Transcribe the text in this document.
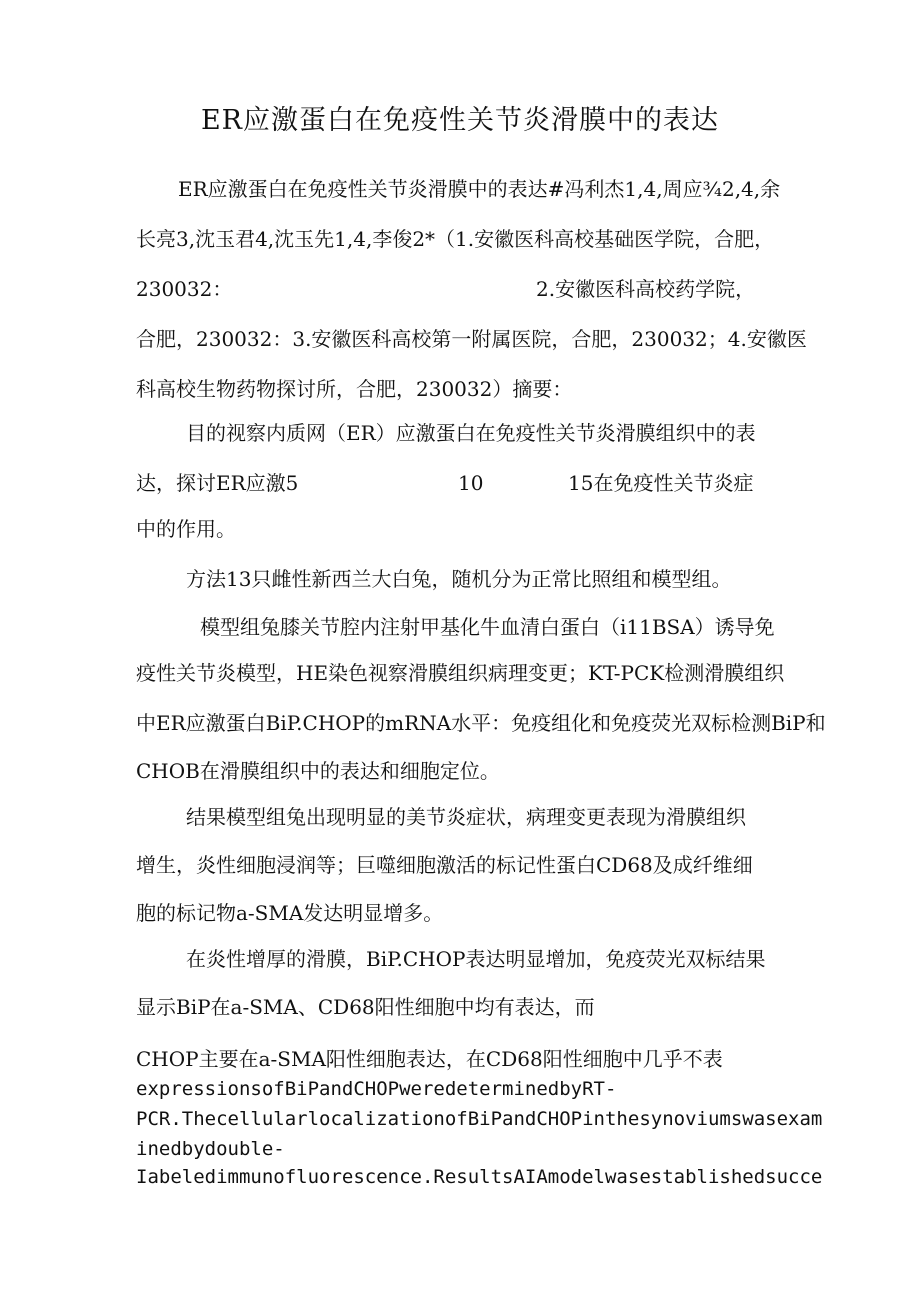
ER应激蛋白在免疫性关节炎滑膜中的表达
ER应激蛋白在免疫性关节炎滑膜中的表达#冯利杰1,4,周应¾2,4,余
长亮3,沈玉君4,沈玉先1,4,李俊2*（1.安徽医科高校基础医学院，合肥，
230032：	2.安徽医科高校药学院，
合肥，230032：3.安徽医科高校第一附属医院，合肥，230032；4.安徽医
科高校生物药物探讨所，合肥，230032）摘要：
目的视察内质网（ER）应激蛋白在免疫性关节炎滑膜组织中的表
达，探讨ER应激5	10	15在免疫性关节炎症
中的作用。
方法13只雌性新西兰大白兔，随机分为正常比照组和模型组。
模型组兔膝关节腔内注射甲基化牛血清白蛋白（i11BSA）诱导免
疫性关节炎模型，HE染色视察滑膜组织病理变更；KT-PCK检测滑膜组织
中ER应激蛋白BiP.CHOP的mRNA水平：免疫组化和免疫荧光双标检测BiP和
CHOB在滑膜组织中的表达和细胞定位。
结果模型组兔出现明显的美节炎症状，病理变更表现为滑膜组织
增生，炎性细胞浸润等；巨噬细胞激活的标记性蛋白CD68及成纤维细
胞的标记物a-SMA发达明显增多。
在炎性增厚的滑膜，BiP.CHOP表达明显增加，免疫荧光双标结果
显示BiP在a-SMA、CD68阳性细胞中均有表达，而
CHOP主要在a-SMA阳性细胞表达，在CD68阳性细胞中几乎不表
expressionsofBiPandCHOPweredeterminedbyRT-
PCR.ThecellularlocalizationofBiPandCHOPinthesynoviumswasexam
inedbydouble-
Iabeledimmunofluorescence.ResultsAIAmodelwasestablishedsucce
